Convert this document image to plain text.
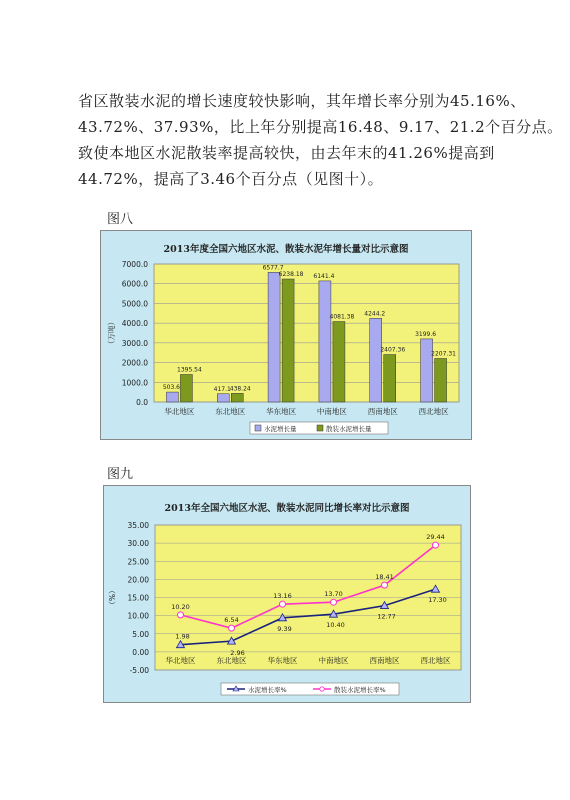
省区散装水泥的增长速度较快影响，其年增长率分别为45.16%、
43.72%、37.93%，比上年分别提高16.48、9.17、21.2个百分点。
致使本地区水泥散装率提高较快，由去年末的41.26%提高到
44.72%，提高了3.46个百分点（见图十）。
图八
2013年度全国六地区水泥、散装水泥年增长量对比示意图
0.0
1000.0
2000.0
3000.0
4000.0
5000.0
6000.0
7000.0
（万吨）
华北地区
503.6
1395.54
东北地区
417.1
438.24
华东地区
6577.7
6238.18
中南地区
6141.4
4081.38
西南地区
4244.2
2407.36
西北地区
3199.6
2207.31
水泥增长量	散装水泥增长量
图九
2013年全国六地区水泥、散装水泥同比增长率对比示意图
-5.00
0.00
5.00
10.00
15.00
20.00
25.00
30.00
35.00
（%）
华北地区	东北地区	华东地区	中南地区	西南地区	西北地区
1.98
2.96
9.39	10.40
12.77
17.30
10.20
6.54
13.16	13.70
18.41
29.44
水泥增长率%	散装水泥增长率%
